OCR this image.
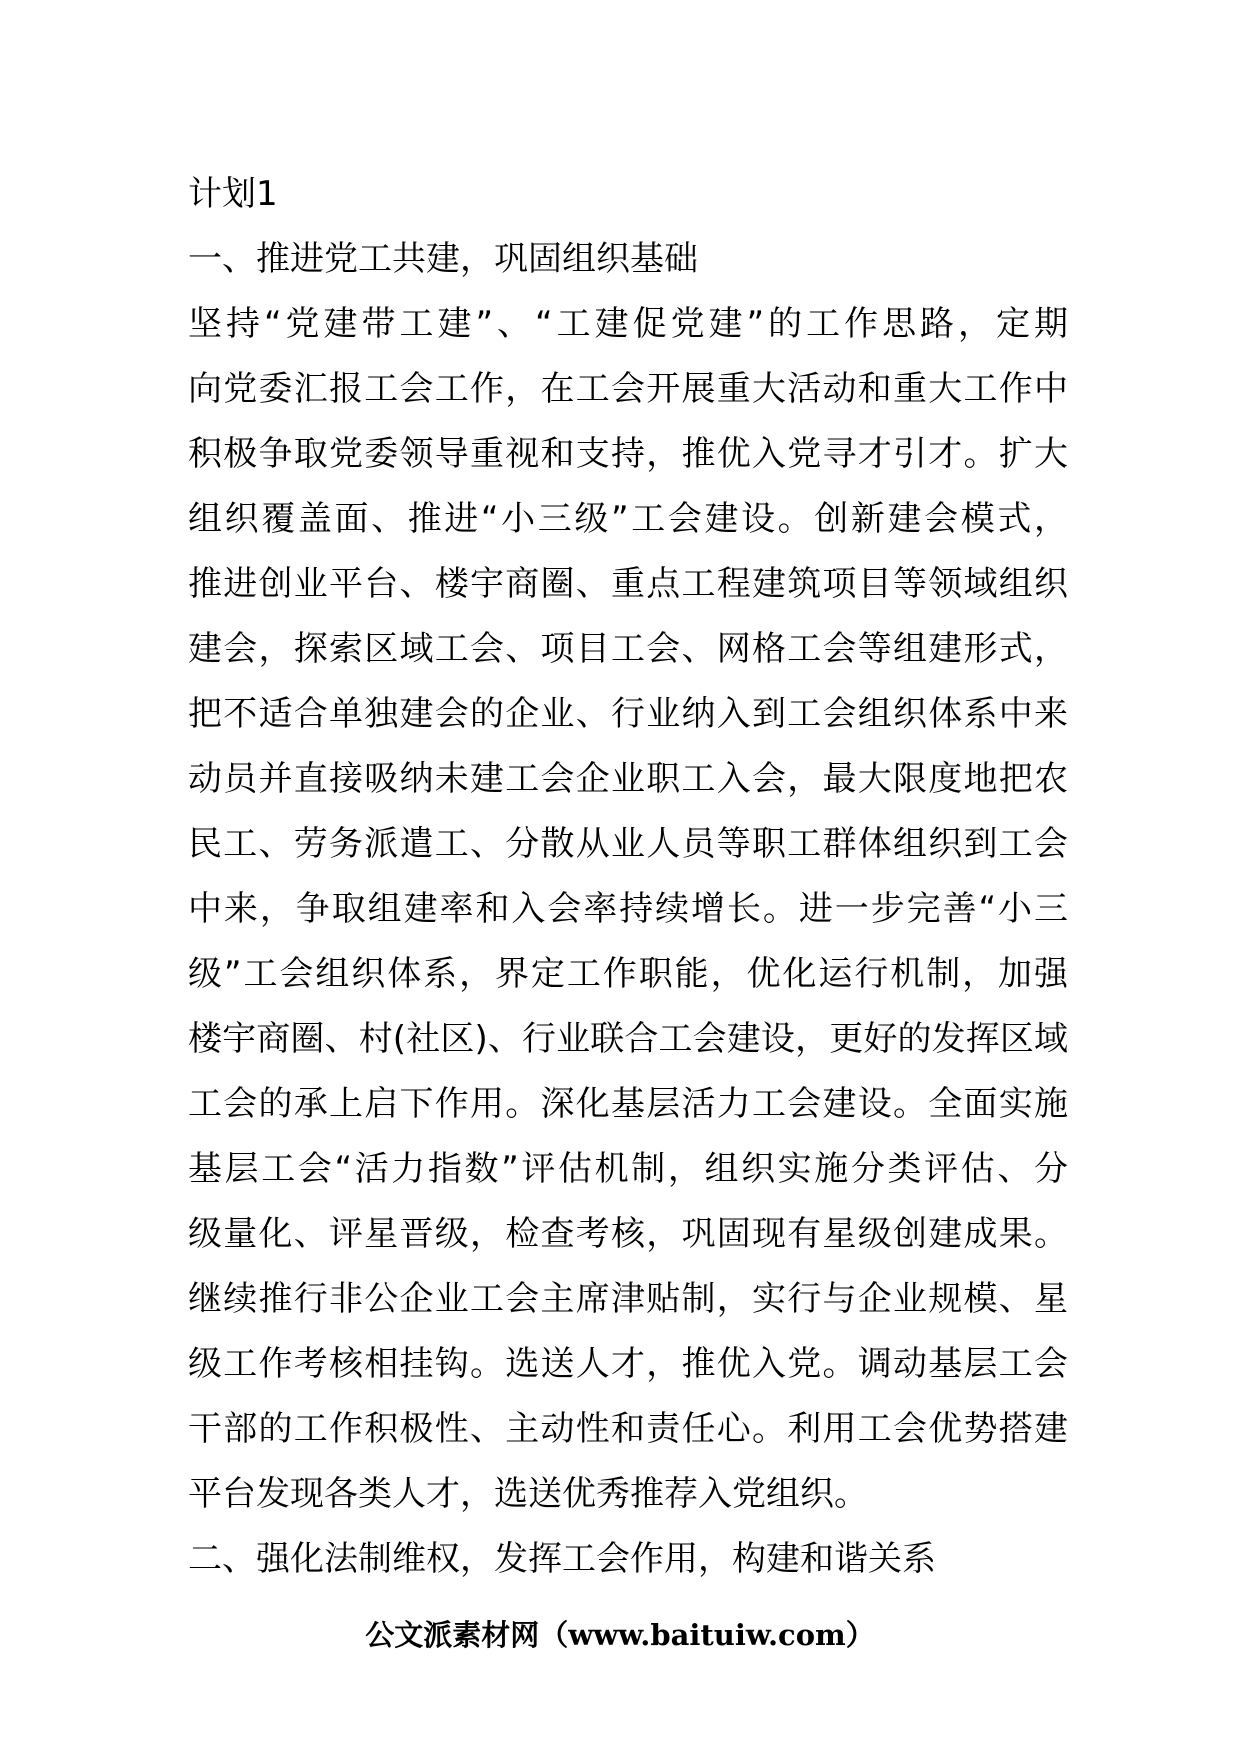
计划1
一、推进党工共建，巩固组织基础
坚持“党建带工建”、“工建促党建”的工作思路，定期
向党委汇报工会工作，在工会开展重大活动和重大工作中
积极争取党委领导重视和支持，推优入党寻才引才。扩大
组织覆盖面、推进“小三级”工会建设。创新建会模式，
推进创业平台、楼宇商圈、重点工程建筑项目等领域组织
建会，探索区域工会、项目工会、网格工会等组建形式，
把不适合单独建会的企业、行业纳入到工会组织体系中来
动员并直接吸纳未建工会企业职工入会，最大限度地把农
民工、劳务派遣工、分散从业人员等职工群体组织到工会
中来，争取组建率和入会率持续增长。进一步完善“小三
级”工会组织体系，界定工作职能，优化运行机制，加强
楼宇商圈、村(社区)、行业联合工会建设，更好的发挥区域
工会的承上启下作用。深化基层活力工会建设。全面实施
基层工会“活力指数”评估机制，组织实施分类评估、分
级量化、评星晋级，检查考核，巩固现有星级创建成果。
继续推行非公企业工会主席津贴制，实行与企业规模、星
级工作考核相挂钩。选送人才，推优入党。调动基层工会
干部的工作积极性、主动性和责任心。利用工会优势搭建
平台发现各类人才，选送优秀推荐入党组织。
二、强化法制维权，发挥工会作用，构建和谐关系
公文派素材网（www.baituiw.com）
